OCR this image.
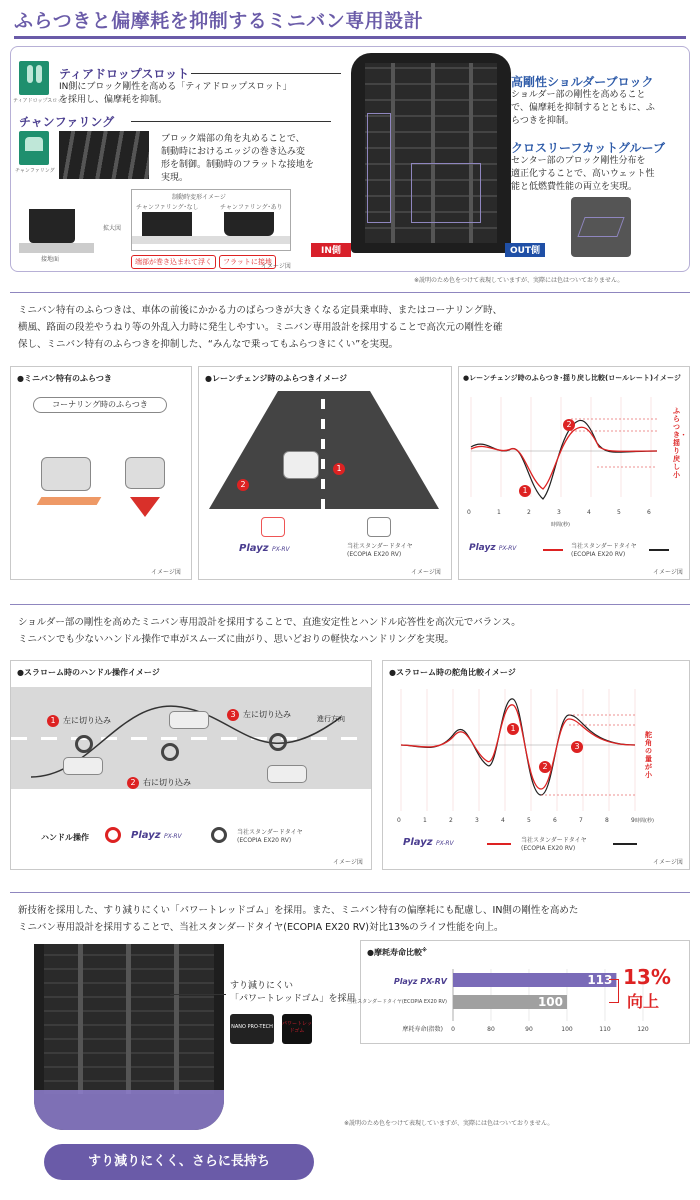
ふらつきと偏摩耗を抑制するミニバン専用設計
ティアドロップスロット
ティアドロップスロット
IN側にブロック剛性を高める「ティアドロップスロット」
を採用し、偏摩耗を抑制。
チャンファリング
チャンファリング
ブロック端部の角を丸めることで、
制動時におけるエッジの巻き込み変
形を制御。制動時のフラットな接地を
実現。
接地面
拡大図
制動時変形イメージ
チャンファリング･なし	チャンファリング･あり
端部が巻き込まれて浮く	フラットに接地
イメージ図
IN側	OUT側
高剛性ショルダーブロック
ショルダー部の剛性を高めること
で、偏摩耗を抑制するとともに、ふ
らつきを抑制。
クロスリーフカットグルーブ
センター部のブロック剛性分布を
適正化することで、高いウェット性
能と低燃費性能の両立を実現。
※説明のため色をつけて表現していますが、実際には色はついておりません。
ミニバン特有のふらつきは、車体の前後にかかる力のばらつきが大きくなる定員乗車時、またはコーナリング時、
横風、路面の段差やうねり等の外乱入力時に発生しやすい。ミニバン専用設計を採用することで高次元の剛性を確
保し、ミニバン特有のふらつきを抑制した、“みんなで乗ってもふらつきにくい”を実現。
●ミニバン特有のふらつき
コーナリング時のふらつき
イメージ図
●レーンチェンジ時のふらつきイメージ
1
2
Playz PX-RV	当社スタンダードタイヤ
(ECOPIA EX20 RV)
イメージ図
●レーンチェンジ時のふらつき･揺り戻し比較(ロールレート)イメージ
1
2
ふらつき・揺り戻し小
0	1	2	3	4	5	6
時間(秒)
Playz PX-RV	当社スタンダードタイヤ
(ECOPIA EX20 RV)
イメージ図
ショルダー部の剛性を高めたミニバン専用設計を採用することで、直進安定性とハンドル応答性を高次元でバランス。
ミニバンでも少ないハンドル操作で車がスムーズに曲がり、思いどおりの軽快なハンドリングを実現。
●スラローム時のハンドル操作イメージ
1 左に切り込み
2 右に切り込み
3 左に切り込み	進行方向
ハンドル操作	Playz PX-RV
当社スタンダードタイヤ
(ECOPIA EX20 RV)
イメージ図
●スラローム時の舵角比較イメージ
1
2
3
舵角の量が小
0	1	2	3	4	5	6	7	8	9 時間(秒)
Playz PX-RV	当社スタンダードタイヤ
(ECOPIA EX20 RV)
イメージ図
新技術を採用した、すり減りにくい「パワートレッドゴム」を採用。また、ミニバン特有の偏摩耗にも配慮し、IN側の剛性を高めた
ミニバン専用設計を採用することで、当社スタンダードタイヤ(ECOPIA EX20 RV)対比13%のライフ性能を向上。
すり減りにくい
「パワートレッドゴム」を採用
NANO PRO-TECH パワートレッドゴム
●摩耗寿命比較※
113
100
Playz PX-RV
当社スタンダードタイヤ(ECOPIA EX20 RV)
0	80	90	100	110	120
摩耗寿命(指数)
13%
向上
※説明のため色をつけて表現していますが、実際には色はついておりません。
すり減りにくく、さらに長持ち
